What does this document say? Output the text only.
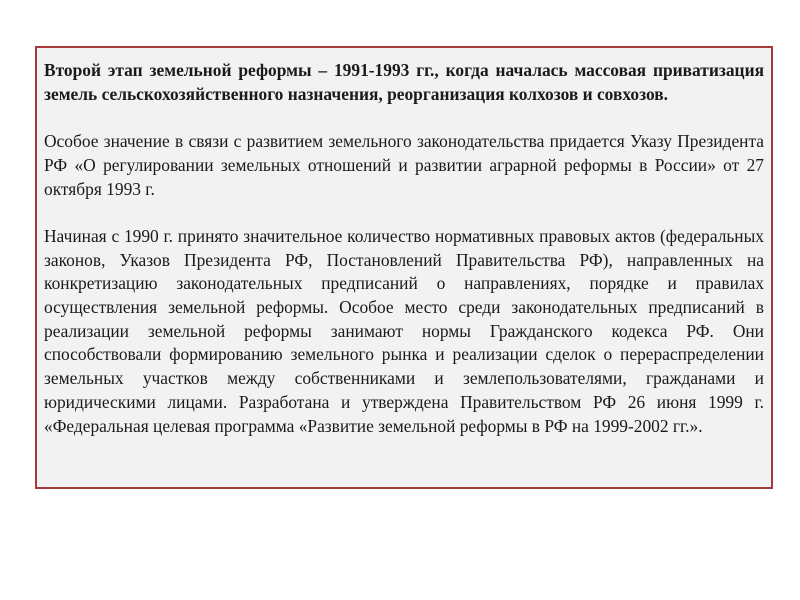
Второй этап земельной реформы – 1991-1993 гг., когда началась массовая приватизация земель сельскохозяйственного назначения, реорганизация колхозов и совхозов.

Особое значение в связи с развитием земельного законодательства придается Указу Президента РФ «О регулировании земельных отношений и развитии аграрной реформы в России» от 27 октября 1993 г.

Начиная с 1990 г. принято значительное количество нормативных правовых актов (федеральных законов, Указов Президента РФ, Постановлений Правительства РФ), направленных на конкретизацию законодательных предписаний о направлениях, порядке и правилах осуществления земельной реформы. Особое место среди законодательных предписаний в реализации земельной реформы занимают нормы Гражданского кодекса РФ. Они способствовали формированию земельного рынка и реализации сделок о перераспределении земельных участков между собственниками и землепользователями, гражданами и юридическими лицами. Разработана и утверждена Правительством РФ 26 июня 1999 г. «Федеральная целевая программа «Развитие земельной реформы в РФ на 1999-2002 гг.».
